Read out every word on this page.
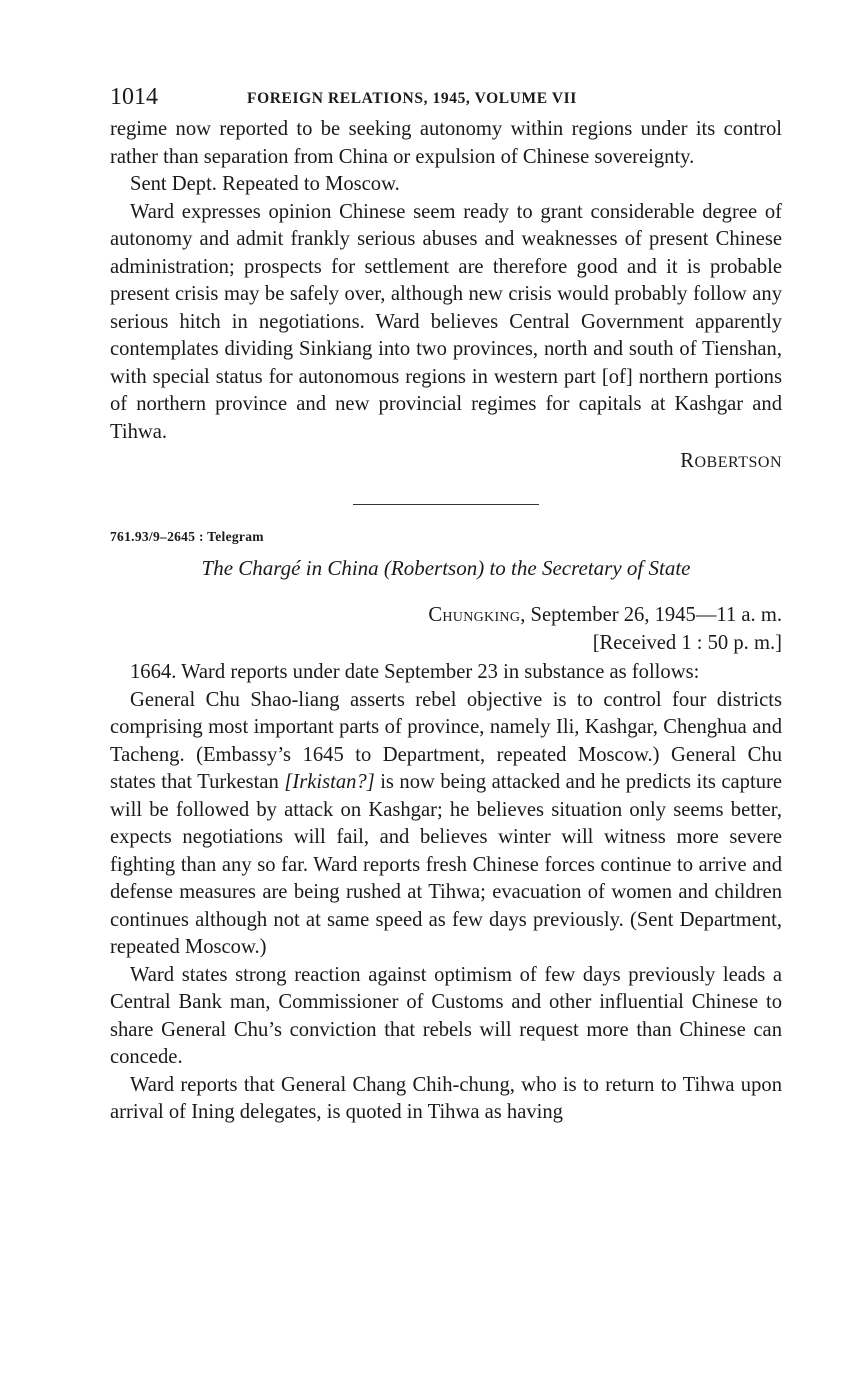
1014	FOREIGN RELATIONS, 1945, VOLUME VII

regime now reported to be seeking autonomy within regions under its control rather than separation from China or expulsion of Chinese sovereignty.

Sent Dept. Repeated to Moscow.

Ward expresses opinion Chinese seem ready to grant considerable degree of autonomy and admit frankly serious abuses and weaknesses of present Chinese administration; prospects for settlement are therefore good and it is probable present crisis may be safely over, although new crisis would probably follow any serious hitch in negotiations. Ward believes Central Government apparently contemplates dividing Sinkiang into two provinces, north and south of Tienshan, with special status for autonomous regions in western part [of] northern portions of northern province and new provincial regimes for capitals at Kashgar and Tihwa.

ROBERTSON
761.93/9–2645 : Telegram
The Chargé in China (Robertson) to the Secretary of State
Chungking, September 26, 1945—11 a. m.
[Received 1 : 50 p. m.]

1664. Ward reports under date September 23 in substance as follows:

General Chu Shao-liang asserts rebel objective is to control four districts comprising most important parts of province, namely Ili, Kashgar, Chenghua and Tacheng. (Embassy’s 1645 to Department, repeated Moscow.) General Chu states that Turkestan [Irkistan?] is now being attacked and he predicts its capture will be followed by attack on Kashgar; he believes situation only seems better, expects negotiations will fail, and believes winter will witness more severe fighting than any so far. Ward reports fresh Chinese forces continue to arrive and defense measures are being rushed at Tihwa; evacuation of women and children continues although not at same speed as few days previously. (Sent Department, repeated Moscow.)

Ward states strong reaction against optimism of few days previously leads a Central Bank man, Commissioner of Customs and other influential Chinese to share General Chu’s conviction that rebels will request more than Chinese can concede.

Ward reports that General Chang Chih-chung, who is to return to Tihwa upon arrival of Ining delegates, is quoted in Tihwa as having
